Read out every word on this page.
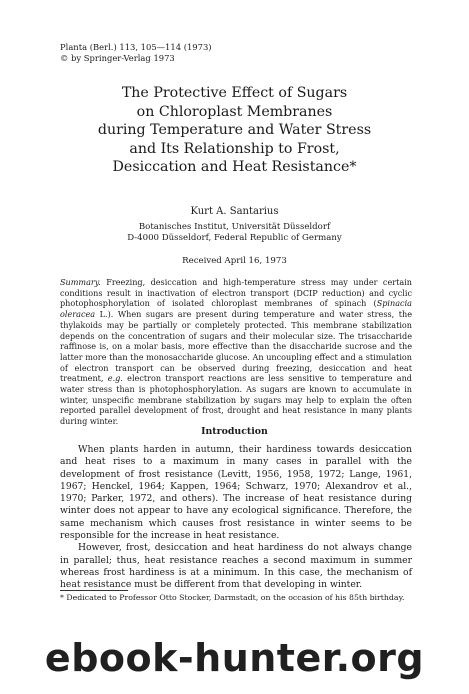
Planta (Berl.) 113, 105—114 (1973)
© by Springer-Verlag 1973
The Protective Effect of Sugars
on Chloroplast Membranes
during Temperature and Water Stress
and Its Relationship to Frost,
Desiccation and Heat Resistance*
Kurt A. Santarius
Botanisches Institut, Universität Düsseldorf
D-4000 Düsseldorf, Federal Republic of Germany
Received April 16, 1973
Summary. Freezing, desiccation and high-temperature stress may under certain conditions result in inactivation of electron transport (DCIP reduction) and cyclic photophosphorylation of isolated chloroplast membranes of spinach (Spinacia oleracea L.). When sugars are present during temperature and water stress, the thylakoids may be partially or completely protected. This membrane stabilization depends on the concentration of sugars and their molecular size. The trisaccharide raffinose is, on a molar basis, more effective than the disaccharide sucrose and the latter more than the monosaccharide glucose. An uncoupling effect and a stimulation of electron transport can be observed during freezing, desiccation and heat treatment, e.g. electron transport reactions are less sensitive to temperature and water stress than is photophosphorylation. As sugars are known to accumulate in winter, unspecific membrane stabilization by sugars may help to explain the often reported parallel development of frost, drought and heat resistance in many plants during winter.
Introduction

When plants harden in autumn, their hardiness towards desiccation and heat rises to a maximum in many cases in parallel with the development of frost resistance (Levitt, 1956, 1958, 1972; Lange, 1961, 1967; Henckel, 1964; Kappen, 1964; Schwarz, 1970; Alexandrov et al., 1970; Parker, 1972, and others). The increase of heat resistance during winter does not appear to have any ecological significance. Therefore, the same mechanism which causes frost resistance in winter seems to be responsible for the increase in heat resistance.

However, frost, desiccation and heat hardiness do not always change in parallel; thus, heat resistance reaches a second maximum in summer whereas frost hardiness is at a minimum. In this case, the mechanism of heat resistance must be different from that developing in winter.

* Dedicated to Professor Otto Stocker, Darmstadt, on the occasion of his 85th birthday.
ebook-hunter.org
